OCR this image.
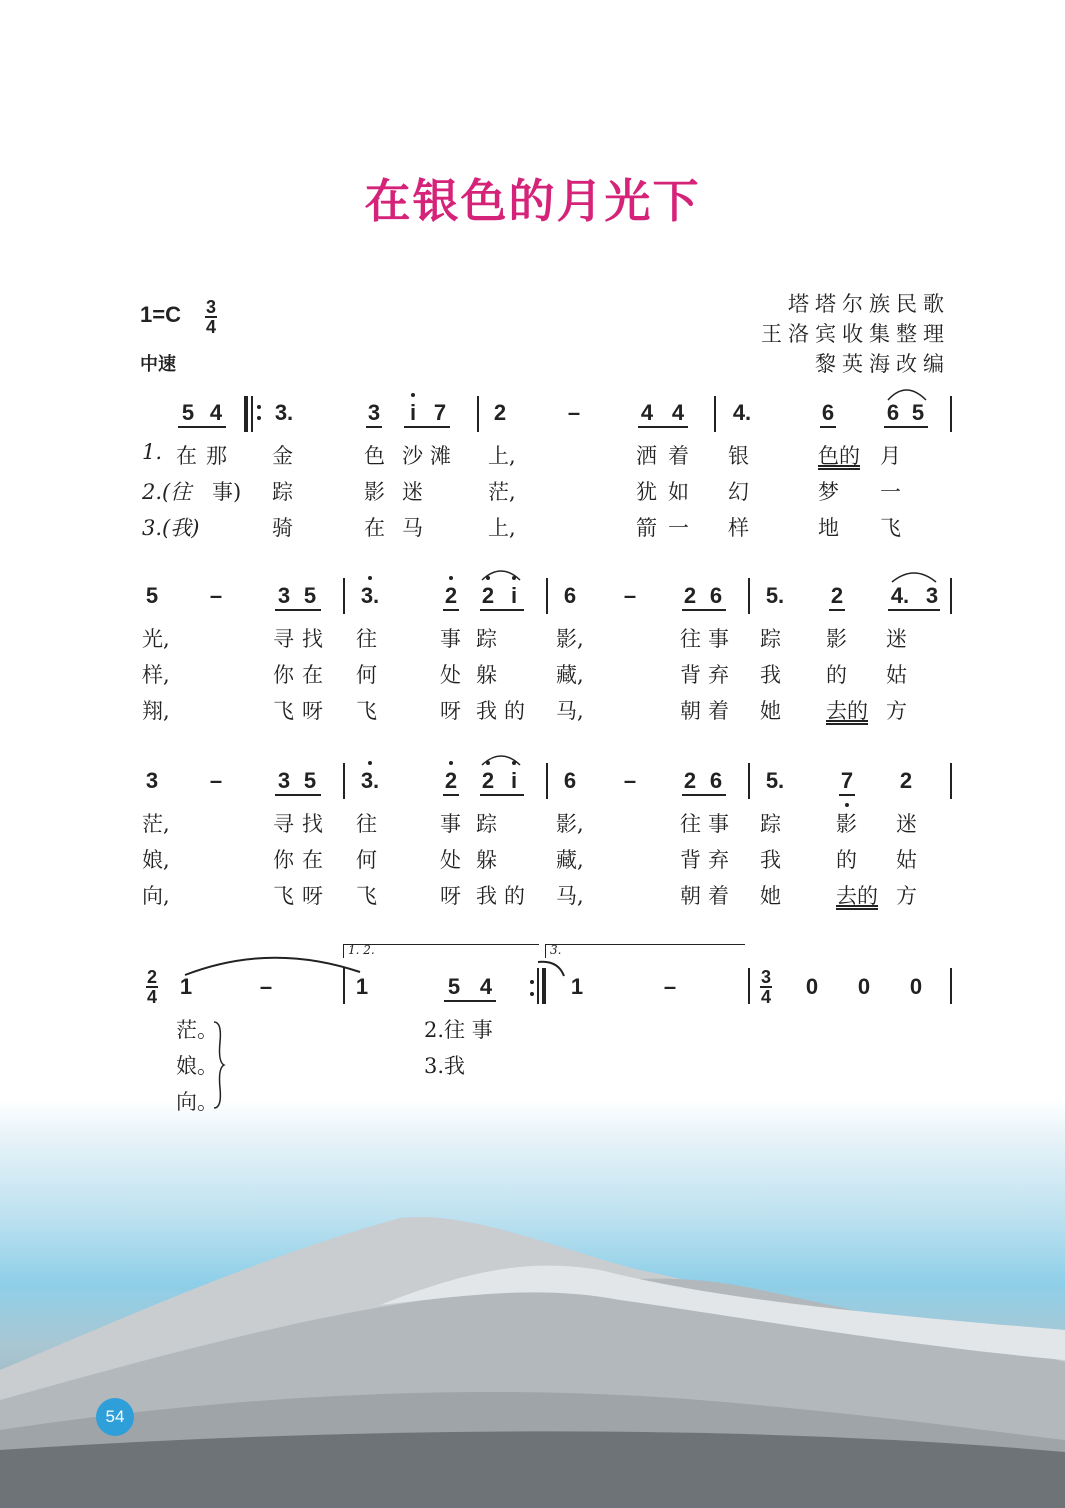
在银色的月光下
$1=C \frac{3}{4}$
中速
塔塔尔族民歌
王洛宾收集整理
黎英海改编
5 4 3.	3 i 7 2	–	4 4 4.	6 6 5
1. 在 那 金	色 沙 滩 上,	洒 着 银	色的 月
2.(往 事) 踪	影 迷	茫,	犹 如 幻	梦 一
3.(我)	骑	在 马	上,	箭 一 样	地 飞
5 –	3 5 3.	2 2 i 6 – 2 6 5. 2 4. 3
光,	寻 找 往	事 踪	影,	往 事 踪 影 迷
样,	你 在 何	处 躲	藏,	背 弃 我 的 姑
翔,	飞 呀 飞	呀 我 的 马,	朝 着 她 去的 方
3 –	3 5 3.	2 2 i 6 – 2 6 5.	7 2
茫,	寻 找 往	事 踪	影,	往 事 踪	影 迷
娘,	你 在 何	处 躲	藏,	背 弃 我	的 姑
向,	飞 呀 飞	呀 我 的 马,	朝 着 她	去的 方
$\frac{2}{4} 1$	–
1. 2.
1	5 4
3.
1	–	$\frac{3}{4} 0$ 0 0
茫。
娘。
向。
2.往 事
3.我
54
